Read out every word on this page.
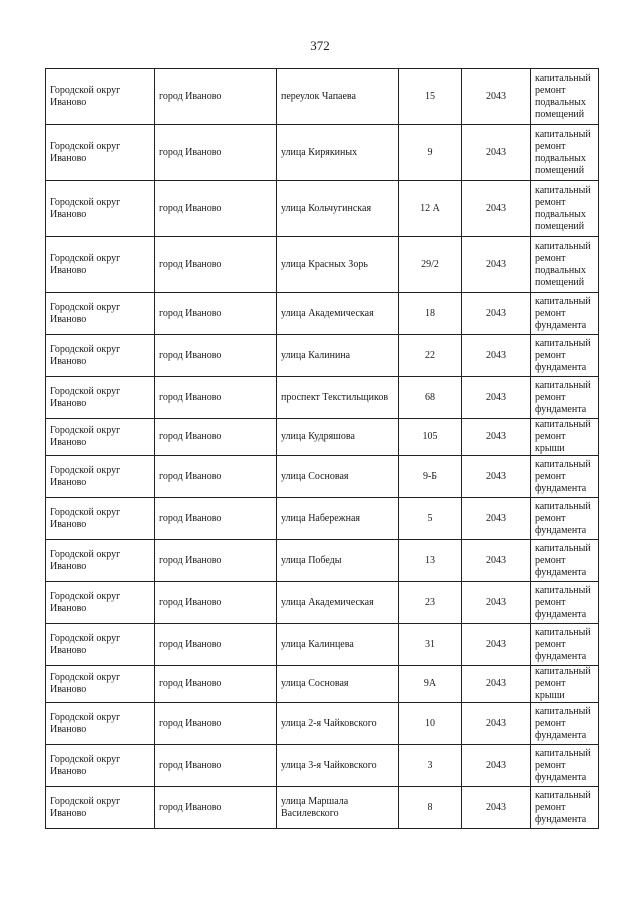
372
Городской округ Иваново	город Иваново	переулок Чапаева	15	2043	капитальный ремонт подвальных помещений
Городской округ Иваново	город Иваново	улица Кирякиных	9	2043	капитальный ремонт подвальных помещений
Городской округ Иваново	город Иваново	улица Кольчугинская	12 А	2043	капитальный ремонт подвальных помещений
Городской округ Иваново	город Иваново	улица Красных Зорь	29/2	2043	капитальный ремонт подвальных помещений
Городской округ Иваново	город Иваново	улица Академическая	18	2043	капитальный ремонт фундамента
Городской округ Иваново	город Иваново	улица Калинина	22	2043	капитальный ремонт фундамента
Городской округ Иваново	город Иваново	проспект Текстильщиков	68	2043	капитальный ремонт фундамента
Городской округ Иваново	город Иваново	улица Кудряшова	105	2043	капитальный ремонт крыши
Городской округ Иваново	город Иваново	улица Сосновая	9-Б	2043	капитальный ремонт фундамента
Городской округ Иваново	город Иваново	улица Набережная	5	2043	капитальный ремонт фундамента
Городской округ Иваново	город Иваново	улица Победы	13	2043	капитальный ремонт фундамента
Городской округ Иваново	город Иваново	улица Академическая	23	2043	капитальный ремонт фундамента
Городской округ Иваново	город Иваново	улица Калинцева	31	2043	капитальный ремонт фундамента
Городской округ Иваново	город Иваново	улица Сосновая	9А	2043	капитальный ремонт крыши
Городской округ Иваново	город Иваново	улица 2-я Чайковского	10	2043	капитальный ремонт фундамента
Городской округ Иваново	город Иваново	улица 3-я Чайковского	3	2043	капитальный ремонт фундамента
Городской округ Иваново	город Иваново	улица Маршала Василевского	8	2043	капитальный ремонт фундамента
